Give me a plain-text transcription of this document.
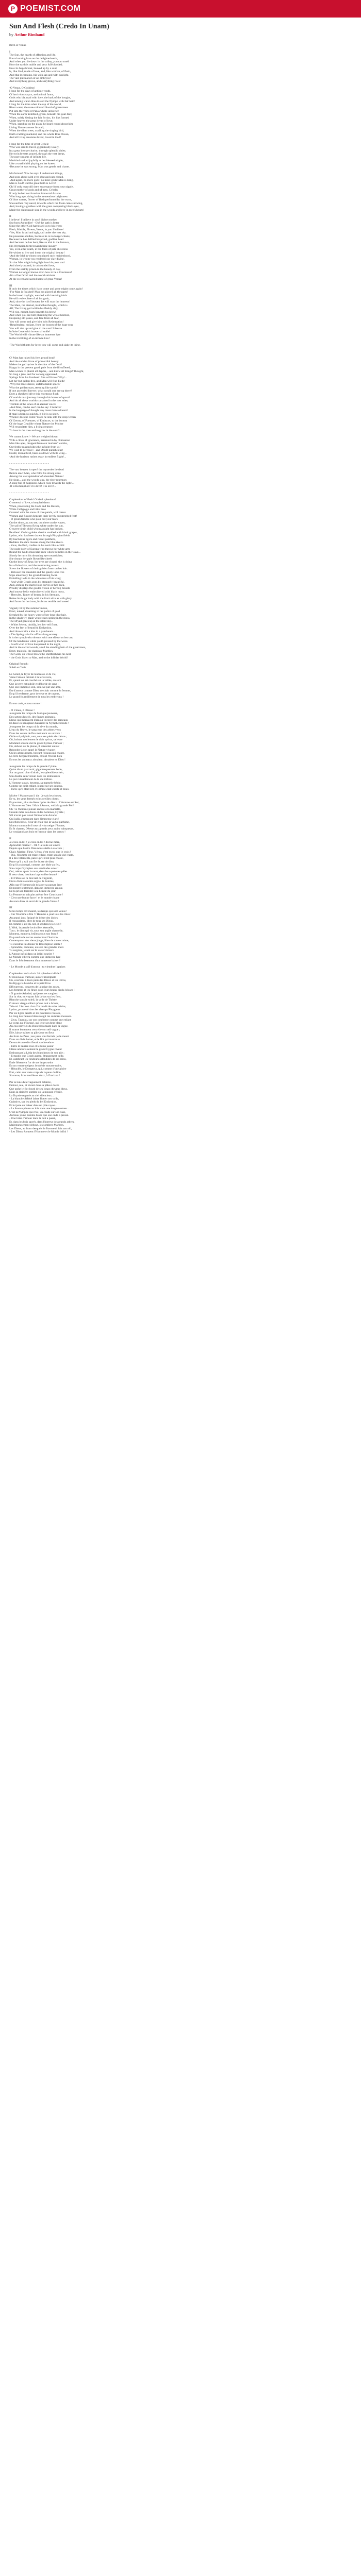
P POEMIST.COM
Sun And Flesh (Credo In Unam)
by Arthur Rimbaud
Birth of Venus
I
The Sun, the hearth of affection and life,
Pours burning love on the delighted earth,
And when you lie down in the valley, you can smell
How the earth is nubile and very full-blooded;
How its huge breast, heaved up by a soul,
Is, like God, made of love, and, like woman, of flesh,
And that it contains, big with sap and with sunlight,
The vast pullulation of all embryos!
And everything grows, and everything rises!
-O Venus, O Goddess!
I long for the days of antique youth,
Of lascivious satyrs, and animal fauns,
Gods who bit, mad with love, the bark of the boughs,
And among water-lilies kissed the Nymph with fair hair!
I long for the time when the sap of the world,
River water, the rose-coloured blood of green trees
Put into the veins of Pan a whole universe!
When the earth trembled, green, beneath his goat-feet;
When, softly kissing the fair Syrinx, his lips formed
Under heaven the great hymn of love;
When, standing on the plain, he heard round about him
Living Nature answer his call;
When the silent trees, cradling the singing bird,
Earth cradling mankind, and the whole Blue Ocean,
And all living creatures loved, loved in God!
I long for the time of great Cybele
Who was said to travel, gigantically lovely,
In a great bronze chariot, through splendid cities;
Her twin breasts poured, through the vast deeps,
The pure streams of infinite life.
Mankind sucked joyfully at her blessed nipple,
Like a small child playing on her knees.
-Because he was strong, Man was gentle and chaste.
Misfortune! Now he says: I understand things,
And goes about with eyes shut and ears closed.
-And again, no more gods! no more gods! Man is King,
Man is God! But the great faith is Love!
Oh! if only man still drew sustenance from your nipple,
Great mother of gods and of men, Cybele;
If only he had not forsaken immortal Astarte
Who long ago, rising in the tremendous brightness
Of blue waters, flower of flesh perfumed by the wave,
Showed her rosy navel, towards which the foam came snowing,
And, having a goddess with the great conquering black eyes,
Made the nightingale sing in the woods and love in men's hearts!
II
I believe! I believe in you! divine mother,
Sea-born Aphrodite! - Oh! the path is bitter
Since the other God harnessed us to his cross;
Flesh, Marble, Flower, Venus, in you I believe!
-Yes, Man is sad and ugly, sad under the vast sky.
He possesses clothes, because he is no longer chaste,
Because he has defiled his proud, godlike head
And because he has bent, like an idol in the furnace,
His Olympian form towards base slavery!
Yes, even after death, in the form of pale skeletons
He wishes to live and insult the original beauty!
-And the Idol in whom you placed such maidenhood,
Woman, in whom you rendered our clay divine,
So that Man might bring light into his poor soul
And slowly ascend, in unbounded love,
From the earthly prison to the beauty of day,
Woman no longer knows even how to be a Courtesan!
-It's a fine farce! and the world snickers
At the sweet and sacred name of great Venus!
III
If only the times which have come and gone might come again!
-For Man is finished! Man has played all the parts!
In the broad daylight, wearied with breaking idols
He will revive, free of all his gods,
And, since he is of heaven, he will scan the heavens!
The Ideal, the eternal, invincible thought, which is
All; The living god within his fleshly clay,
Will rise, mount, burn beneath his brow!
And when you see him plumbing the whole horizon,
Despising old yokes, and free from all fear,
You will come and give him holy Redemption!
-Resplendent, radiant, from the bosom of the huge seas
You will rise up and give to the vast Universe
Infinite Love with its eternal smile!
The World will vibrate like an immense lyre
In the trembling of an infinite kiss!
-The World thirsts for love: you will come and slake its thirst.
- - - - - - - - - - - - - - - - - - - - - - - -
O! Man has raised his free, proud head!
And the sudden blaze of primordial beauty
Makes the god quiver in the altar of the flesh!
Happy in the present good, pale from the ill suffered,
Man wishes to plumb all depths, - and know all things! Thought,
So long a jade, and for so long oppressed,
Springs from his forehead! She will know Why!...
Let her but gallop free, and Man will find Faith!
-Why the blue silence, unfathomable space?
Why the golden stars, teeming like sands?
If one ascended forever, what would one see up there?
Does a shepherd drive this enormous flock
Of worlds on a journey through this horror of space?
And do all these worlds contained in the vast ether,
Tremble at the tones of an eternal voice?
-And Man, can he see? can he say: I believe?
Is the language of thought any more than a dream?
If man is born so quickly, if life is so short,
Whence does he come? Does he sink into the deep Ocean
Of Germs, of Foetuses, of Embryos, to the bottom
Of the huge Crucible where Nature the Mother
Will resuscitate him, a living creature,
To love in the rose and to grow in the corn?...
We cannot know! - We are weighed down
With a cloak of ignorance, hemmed in by chimaeras!
Men like apes, dropped from our mothers' wombs,
Our feeble reason hides the infinite from us!
We wish to perceive: - and Doubt punishes us!
Doubt, dismal bird, beats us down with its wing...
-And the horizon rushes away in endless flight!...
- - - - - - - - - - - - - - - - - - - - - - - -
The vast heaven is open! the mysteries lie dead
Before erect Man, who folds his strong arms
Among the vast splendour of abundant Nature!
He sings... and the woods sing, the river murmurs
A song full of happiness which rises towards the light!...
-It is Redemption! it is love! it is love!...
- - - - - - - - - - - - - - - - - - - - - - - -
O splendour of flesh! O ideal splendour!
O renewal of love, triumphal dawn
When, prostrating the Gods and the Heroes,
White Callypyge and little Eros
Covered with the snow of rose petals, will caress
Women and flowers beneath their lovely outstretched feet!
- O great Ariadne who pour out your tears
On the shore, as you see, out there on the waves,
The sail of Theseus flying white under the sun,
O sweet virgin child whom a night has broken,
Be silent! On his golden chariot studded with black grapes,
Lysios, who has been drawn through Phrygian fields
By lascivious tigers and russet panthers,
Reddens the dark mosses along the blue rivers.
- Zeus, the Bull, cradles on his neck like a child
The nude body of Europa who throws her white arm
Round the God's muscular neck which trembles in the wave...
Slowly he turns his dreaming eye towards her;
She droops her pale flowerlike cheek
On the brow of Zeus; her eyes are closed; she is dying
In a divine kiss, and the murmuring waters
Strew the flowers of their golden foam on her hair.
- Between the oleander and the gaudy lotus tree
Slips amorously the great dreaming Swan
Enfolding Leda in the whiteness of his wing;
- And while Cypris goes by, strangely beautiful,
And, arching the marvellous curves of her back,
Proudly displays the golden vision of her big breasts
And snowy belly embroidered with black moss,
- Hercules, Tamer of beasts, in his Strength,
Robes his huge body with the lion's skin as with glory
And faces the horizons, his brow terrible and sweet!
Vaguely lit by the summer moon,
Erect, naked, dreaming in her pallor of gold
Streaked by the heavy wave of her long blue hair,
In the shadowy glade where stars spring in the moss,
The Dryad gazes up at the silent sky...
- White Selene, timidly, lets her veil float,
Over the feet of beautiful Endymion,
And throws him a kiss in a pale beam...
- The Spring sobs far off in a long ecstasy...
It is the nymph who dreams with one elbow on her urn,
Of the handsome white youth pressed by the wave.
- A soft wind of love has passed in the night,
And in the sacred woods, amid the standing hair of the great trees,
Erect, majestic, the shadowy Marbles,
The Gods, on whose brows the Bullfinch has his nest,
- the Gods listen to Man, and to the infinite World!
Original French:
Soleil et Chair
Le Soleil, le foyer de tendresse et de vie,
Verse l'amour brûlant à la terre ravie,
Et, quand on est couché sur la vallée, on sent
Que la terre est nubile et déborde de sang ;
Que son immense sein, soulevé par une âme,
Est d'amour comme Dieu, de chair comme la femme,
Et qu'il renferme, gros de sève et de rayons,
Le grand fourmillement de tous les embryons !
Et tout croît, et tout monte !
- Ô Vénus, ô Déesse !
Je regrette les temps de l'antique jeunesse,
Des satyres lascifs, des faunes animaux,
Dieux qui mordaient d'amour l'écorce des rameaux
Et dans les nénuphars baisaient la Nymphe blonde !
Je regrette les temps où la sève du monde,
L'eau du fleuve, le sang rose des arbres verts
Dans les veines de Pan mettaient un univers !
Où le sol palpitait, vert, sous ses pieds de chèvre ;
Où, baisant mollement le clair syrinx, sa lèvre
Modulait sous le ciel le grand hymne d'amour ;
Où, debout sur la plaine, il entendait autour
Répondre à son appel la Nature vivante ;
Où les arbres muets, berçant l'oiseau qui chante,
La terre berçant l'homme, et tout l'Océan bleu
Et tous les animaux aimaient, aimaient en Dieu !
Je regrette les temps de la grande Cybèle
Qu'on disait parcourir, gigantesquement belle,
Sur un grand char d'airain, les splendides cités ;
Son double sein versait dans les immensités
Le pur ruissellement de la vie infinie.
L'Homme suçait, heureux, sa mamelle bénie,
Comme un petit enfant, jouant sur ses genoux.
- Parce qu'il était fort, l'Homme était chaste et doux.
Misère ! Maintenant il dit : Je sais les choses,
Et va, les yeux fermés et les oreilles closes.
Et pourtant, plus de dieux ! plus de dieux ! l'Homme est Roi,
L'Homme est Dieu ! Mais l'Amour, voilà la grande Foi !
Oh ! si l'homme puisait encore à ta mamelle,
Grande mère des dieux et des hommes, Cybèle ;
S'il n'avait pas laissé l'immortelle Astarté
Qui jadis, émergeant dans l'immense clarté
Des flots bleus, fleur de chair que la vague parfume,
Montra son nombril rose où vint neiger l'écume,
Et fit chanter, Déesse aux grands yeux noirs vainqueurs,
Le rossignol aux bois et l'amour dans les cœurs !
II
Je crois en toi ! je crois en toi ! divine mère,
Aphrodité marine ! - Oh ! la route est amère
Depuis que l'autre Dieu nous attelle à sa croix ;
Chair, Marbre, Fleur, Vénus, c'est en toi que je crois !
- Oui, l'Homme est triste et laid, triste sous le ciel vaste,
Il a des vêtements, parce qu'il n'est plus chaste,
Parce qu'il a sali son fier buste de dieu,
Et qu'il a rabougri, comme une idole au feu,
Son corps Olympien aux servitudes sales !
Oui, même après la mort, dans les squelettes pâles
Il veut vivre, insultant la première beauté !
- Et l'Idole où tu mis tant de virginité,
Où tu divinisas notre argile, la Femme,
Afin que l'Homme pût éclairer sa pauvre âme
Et monter lentement, dans un immense amour,
De la prison terrestre à la beauté du jour,
La Femme ne sait plus même être Courtisane !
- C'est une bonne farce ! et le monde ricane
Au nom doux et sacré de la grande Vénus !
III
Si les temps revenaient, les temps qui sont venus !
- Car l'Homme a fini ! l'Homme a joué tous les rôles !
Au grand jour, fatigué de briser des idoles
Il ressuscitera, libre de tous ses Dieux,
Et comme il est du ciel, il scrutera les cieux !
L'Idéal, la pensée invincible, éternelle,
Tout ; le dieu qui vit, sous son argile charnelle,
Montera, montera, brûlera sous son front !
Et quand tu le verras sonder tout l'horizon,
Contempteur des vieux jougs, libre de toute crainte,
Tu viendras lui donner la Rédemption sainte !
- Splendide, radieuse, au sein des grandes mers
Tu surgiras, jetant sur le vaste Univers
L'Amour infini dans un infini sourire !
Le Monde vibrera comme une immense lyre
Dans le frémissement d'un immense baiser !
- Le Monde a soif d'amour : tu viendras l'apaiser.
Ô splendeur de la chair ! ô splendeur idéale !
Ô renouveau d'amour, aurore triomphale
Où, courbant à leurs pieds les Dieux et les Héros,
Kallipyge la blanche et le petit Éros
Effleureront, couverts de la neige des roses,
Les femmes et les fleurs sous leurs beaux pieds écloses !
- Ô grande Ariadné, qui jettes tes sanglots
Sur la rive, en voyant fuir là-bas sur les flots,
Blanche sous le soleil, la voile de Thésée,
Ô douce vierge enfant qu'une nuit a brisée,
Tais-toi ! Sur son char d'or brodé de noirs raisins,
Lysios, promené dans les champs Phrygiens
Par les tigres lascifs et les panthères rousses,
Le long des fleuves bleus rougit les sombres mousses.
- Zeus, Taureau, sur son cou berce comme une enfant
Le corps nu d'Europé, qui jette son bras blanc
Au cou nerveux du Dieu frissonnant dans la vague.
Il tourne lentement vers elle son œil vague ;
Elle, laisse traîner sa pâle joue en fleur
Au front de Zeus ; ses yeux sont fermés ; elle meurt
Dans un divin baiser, et le flot qui murmure
De son écume d'or fleurit sa chevelure.
- Entre le laurier-rose et le lotus jaseur
Glisse amoureusement le grand Cygne rêveur
Embrassant la Léda des blancheurs de son aile ;
- Et tandis que Cypris passe, étrangement belle,
Et, cambrant les rondeurs splendides de ses reins,
Étale fièrement l'or de ses larges seins
Et son ventre neigeux brodé de mousse noire,
- Héraclès, le Dompteur, qui, comme d'une gloire
Fort, ceint son vaste corps de la peau du lion,
S'avance, front terrible et doux, à l'horizon !
Par la lune d'été vaguement éclairée,
Debout, nue, et rêvant dans sa pâleur dorée
Que tache le flot lourd de ses longs cheveux bleus,
Dans la clairière sombre où la mousse s'étoile,
La Dryade regarde au ciel silencieux...
- La blanche Séléné laisse flotter son voile,
Craintive, sur les pieds du bel Endymion,
Et lui jette un baiser dans un pâle rayon...
- La Source pleure au loin dans une longue extase...
C'est la Nymphe qui rêve, un coude sur son vase,
Au beau jeune homme blanc que son onde a pressé.
- Une brise d'amour dans la nuit a passé,
Et, dans les bois sacrés, dans l'horreur des grands arbres,
Majestueusement debout, les sombres Marbres,
Les Dieux, au front desquels le Bouvreuil fait son nid,
- Les Dieux écoutent l'Homme et le Monde infini !
